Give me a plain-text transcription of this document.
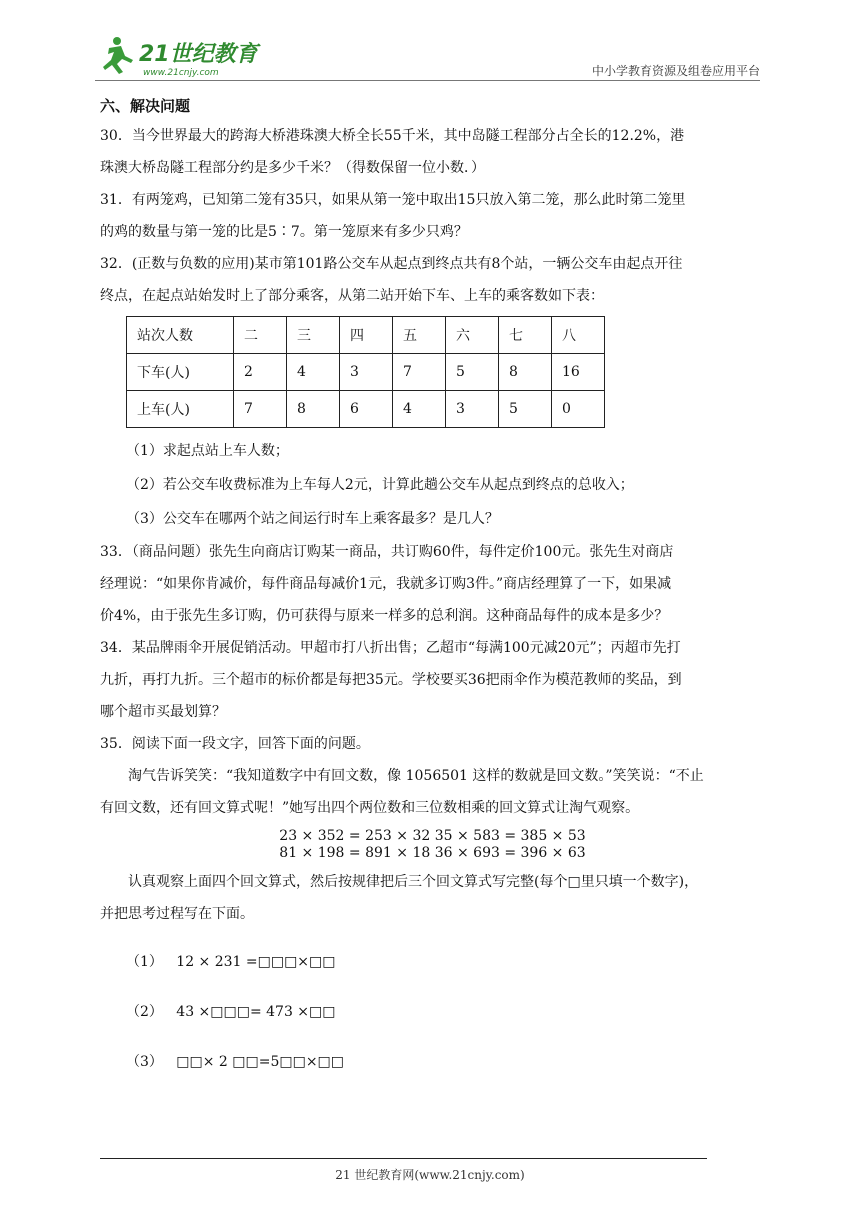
21世纪教育
www.21cnjy.com	中小学教育资源及组卷应用平台

六、解决问题

30．当今世界最大的跨海大桥港珠澳大桥全长55千米，其中岛隧工程部分占全长的12.2%，港

珠澳大桥岛隧工程部分约是多少千米？（得数保留一位小数．）

31．有两笼鸡，已知第二笼有35只，如果从第一笼中取出15只放入第二笼，那么此时第二笼里

的鸡的数量与第一笼的比是5∶7。第一笼原来有多少只鸡？

32．(正数与负数的应用)某市第101路公交车从起点到终点共有8个站，一辆公交车由起点开往

终点，在起点站始发时上了部分乘客，从第二站开始下车、上车的乘客数如下表：

站次人数	二	三	四	五	六	七	八
下车(人)	2	4	3	7	5	8	16
上车(人)	7	8	6	4	3	5	0

（1）求起点站上车人数；

（2）若公交车收费标准为上车每人2元，计算此趟公交车从起点到终点的总收入；

（3）公交车在哪两个站之间运行时车上乘客最多？是几人？

33．（商品问题）张先生向商店订购某一商品，共订购60件，每件定价100元。张先生对商店

经理说：“如果你肯减价，每件商品每减价1元，我就多订购3件。”商店经理算了一下，如果减

价4%，由于张先生多订购，仍可获得与原来一样多的总利润。这种商品每件的成本是多少？

34．某品牌雨伞开展促销活动。甲超市打八折出售；乙超市“每满100元减20元”；丙超市先打

九折，再打九折。三个超市的标价都是每把35元。学校要买36把雨伞作为模范教师的奖品，到

哪个超市买最划算？

35．阅读下面一段文字，回答下面的问题。

淘气告诉笑笑：“我知道数字中有回文数，像 1056501 这样的数就是回文数。”笑笑说：“不止

有回文数，还有回文算式呢！”她写出四个两位数和三位数相乘的回文算式让淘气观察。

23 × 352 = 253 × 32 35 × 583 = 385 × 53
81 × 198 = 891 × 18 36 × 693 = 396 × 63

认真观察上面四个回文算式，然后按规律把后三个回文算式写完整(每个□里只填一个数字)，

并把思考过程写在下面。

（1） 12 × 231 =□□□×□□

（2） 43 ×□□□= 473 ×□□

（3） □□× 2 □□=5□□×□□

21 世纪教育网(www.21cnjy.com)
